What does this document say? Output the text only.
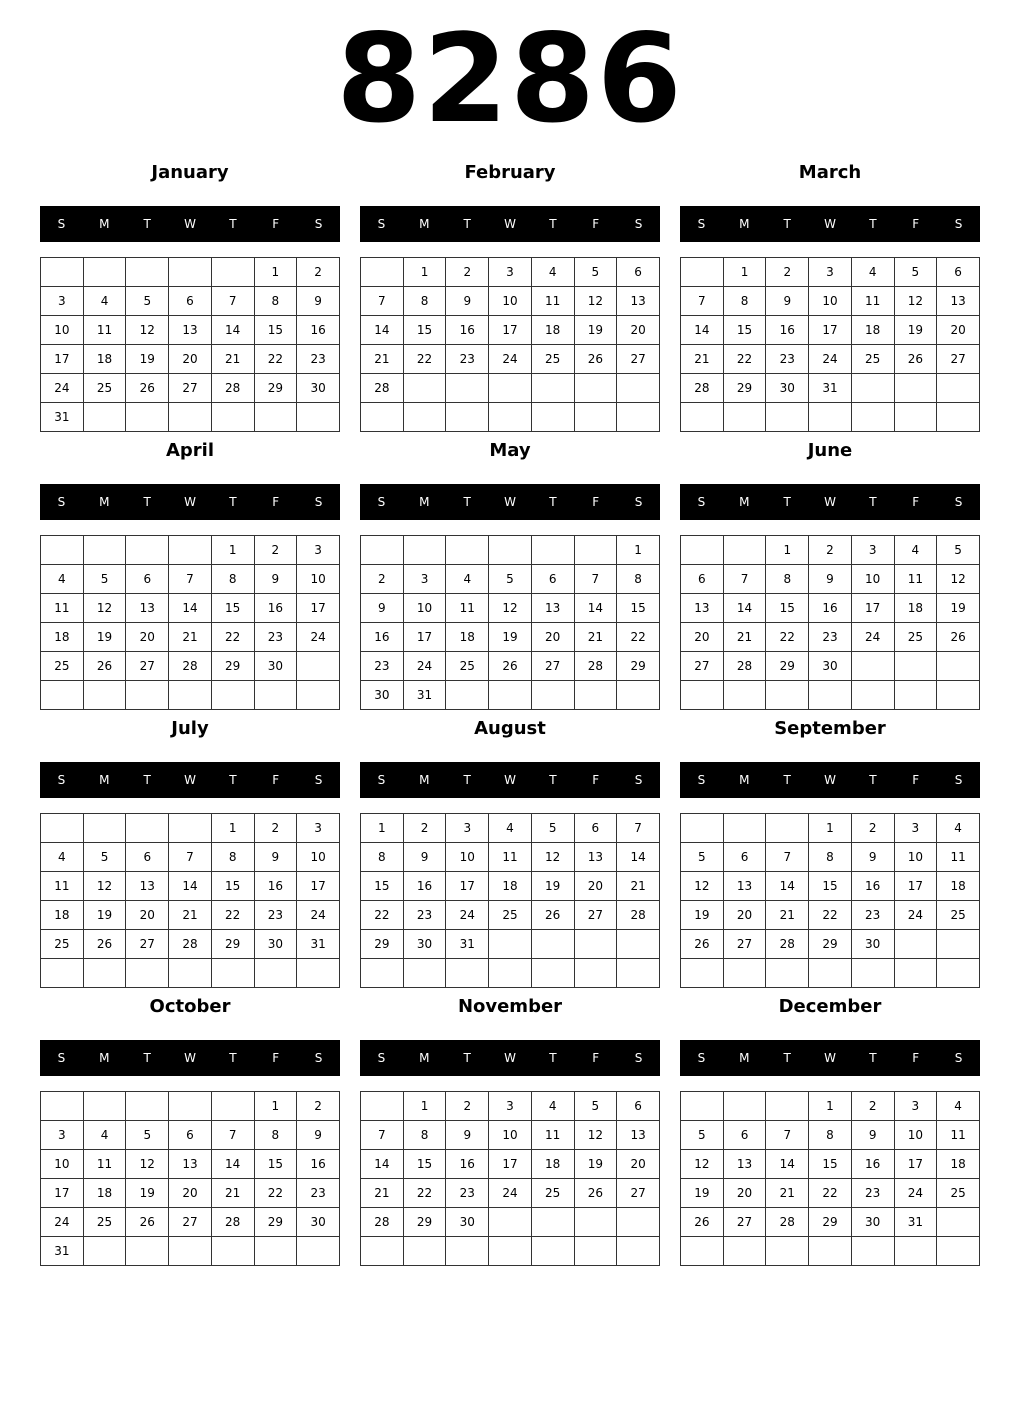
8286
January
S	M	T	W	T	F	S
					1	2
3	4	5	6	7	8	9
10	11	12	13	14	15	16
17	18	19	20	21	22	23
24	25	26	27	28	29	30
31						
February
S	M	T	W	T	F	S
	1	2	3	4	5	6
7	8	9	10	11	12	13
14	15	16	17	18	19	20
21	22	23	24	25	26	27
28						

March
S	M	T	W	T	F	S
	1	2	3	4	5	6
7	8	9	10	11	12	13
14	15	16	17	18	19	20
21	22	23	24	25	26	27
28	29	30	31			

April
S	M	T	W	T	F	S
				1	2	3
4	5	6	7	8	9	10
11	12	13	14	15	16	17
18	19	20	21	22	23	24
25	26	27	28	29	30	

May
S	M	T	W	T	F	S
						1
2	3	4	5	6	7	8
9	10	11	12	13	14	15
16	17	18	19	20	21	22
23	24	25	26	27	28	29
30	31					
June
S	M	T	W	T	F	S
		1	2	3	4	5
6	7	8	9	10	11	12
13	14	15	16	17	18	19
20	21	22	23	24	25	26
27	28	29	30			

July
S	M	T	W	T	F	S
				1	2	3
4	5	6	7	8	9	10
11	12	13	14	15	16	17
18	19	20	21	22	23	24
25	26	27	28	29	30	31

August
S	M	T	W	T	F	S
1	2	3	4	5	6	7
8	9	10	11	12	13	14
15	16	17	18	19	20	21
22	23	24	25	26	27	28
29	30	31				

September
S	M	T	W	T	F	S
			1	2	3	4
5	6	7	8	9	10	11
12	13	14	15	16	17	18
19	20	21	22	23	24	25
26	27	28	29	30		

October
S	M	T	W	T	F	S
					1	2
3	4	5	6	7	8	9
10	11	12	13	14	15	16
17	18	19	20	21	22	23
24	25	26	27	28	29	30
31						
November
S	M	T	W	T	F	S
	1	2	3	4	5	6
7	8	9	10	11	12	13
14	15	16	17	18	19	20
21	22	23	24	25	26	27
28	29	30				

December
S	M	T	W	T	F	S
			1	2	3	4
5	6	7	8	9	10	11
12	13	14	15	16	17	18
19	20	21	22	23	24	25
26	27	28	29	30	31	
